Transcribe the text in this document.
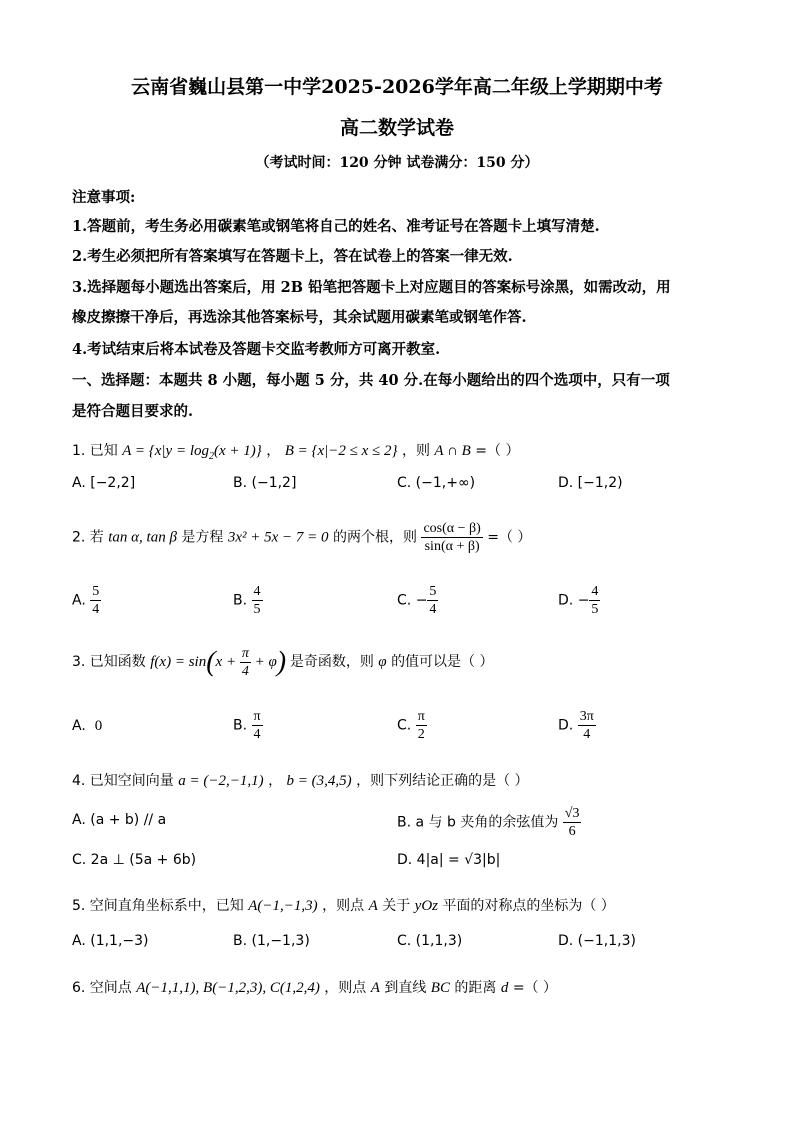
云南省巍山县第一中学2025-2026学年高二年级上学期期中考
高二数学试卷
（考试时间：120 分钟 试卷满分：150 分）
注意事项:
1.答题前，考生务必用碳素笔或钢笔将自己的姓名、准考证号在答题卡上填写清楚.
2.考生必须把所有答案填写在答题卡上，答在试卷上的答案一律无效.
3.选择题每小题选出答案后，用 2B 铅笔把答题卡上对应题目的答案标号涂黑，如需改动，用
橡皮擦擦干净后，再选涂其他答案标号，其余试题用碳素笔或钢笔作答.
4.考试结束后将本试卷及答题卡交监考教师方可离开教室.
一、选择题：本题共 8 小题，每小题 5 分，共 40 分.在每小题给出的四个选项中，只有一项
是符合题目要求的.
1. 已知 $A = \{x|y = \log_2(x + 1)\}$ ， B = {x|−2 ≤ x ≤ 2} ，则 A ∩ B =（ ）
A. [−2,2]	B. (−1,2]	C. (−1,+∞)	D. [−1,2)
2. 若 tan α, tan β 是方程 3x² + 5x − 7 = 0 的两个根，则 $\frac{\cos(\alpha - \beta)}{\sin(\alpha + \beta)}$ =（ ）
A. $\frac{5}{4}$	B. $\frac{4}{5}$	C. − $\frac{5}{4}$	D. − $\frac{4}{5}$
3. 已知函数 $f(x) = \sin(x + \frac{\pi}{4} + \varphi)$ 是奇函数，则 φ 的值可以是（ ）
A. 0	B. $\frac{\pi}{4}$	C. $\frac{\pi}{2}$	D. $\frac{3\pi}{4}$
4. 已知空间向量 a = (−2,−1,1) ， b = (3,4,5) ，则下列结论正确的是（ ）
A. (a + b) // a	B. a 与 b 夹角的余弦值为 $\frac{√3}{6}$
C. 2a ⊥ (5a + 6b)	D. 4|a| = √3|b|
5. 空间直角坐标系中，已知 A(−1,−1,3) ，则点 A 关于 yOz 平面的对称点的坐标为（ ）
A. (1,1,−3)	B. (1,−1,3)	C. (1,1,3)	D. (−1,1,3)
6. 空间点 A(−1,1,1), B(−1,2,3), C(1,2,4) ，则点 A 到直线 BC 的距离 d =（ ）
